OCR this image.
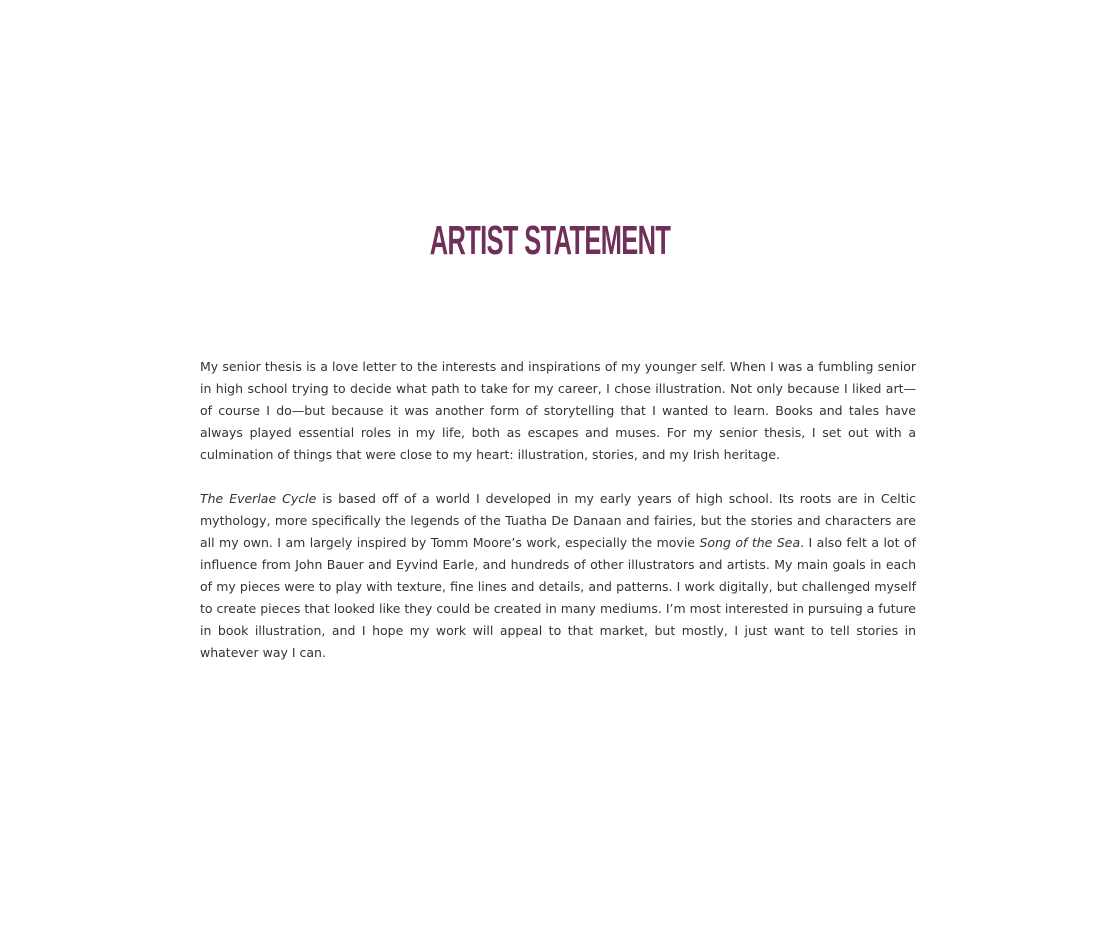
ARTIST STATEMENT

My senior thesis is a love letter to the interests and inspirations of my younger self. When I was a fumbling senior in high school trying to decide what path to take for my career, I chose illustration. Not only because I liked art—of course I do—but because it was another form of storytelling that I wanted to learn. Books and tales have always played essential roles in my life, both as escapes and muses. For my senior thesis, I set out with a culmination of things that were close to my heart: illustration, stories, and my Irish heritage.

The Everlae Cycle is based off of a world I developed in my early years of high school. Its roots are in Celtic mythology, more specifically the legends of the Tuatha De Danaan and fairies, but the stories and characters are all my own. I am largely inspired by Tomm Moore’s work, especially the movie Song of the Sea. I also felt a lot of influence from John Bauer and Eyvind Earle, and hundreds of other illustrators and artists. My main goals in each of my pieces were to play with texture, fine lines and details, and patterns. I work digitally, but challenged myself to create pieces that looked like they could be created in many mediums. I’m most interested in pursuing a future in book illustration, and I hope my work will appeal to that market, but mostly, I just want to tell stories in whatever way I can.
